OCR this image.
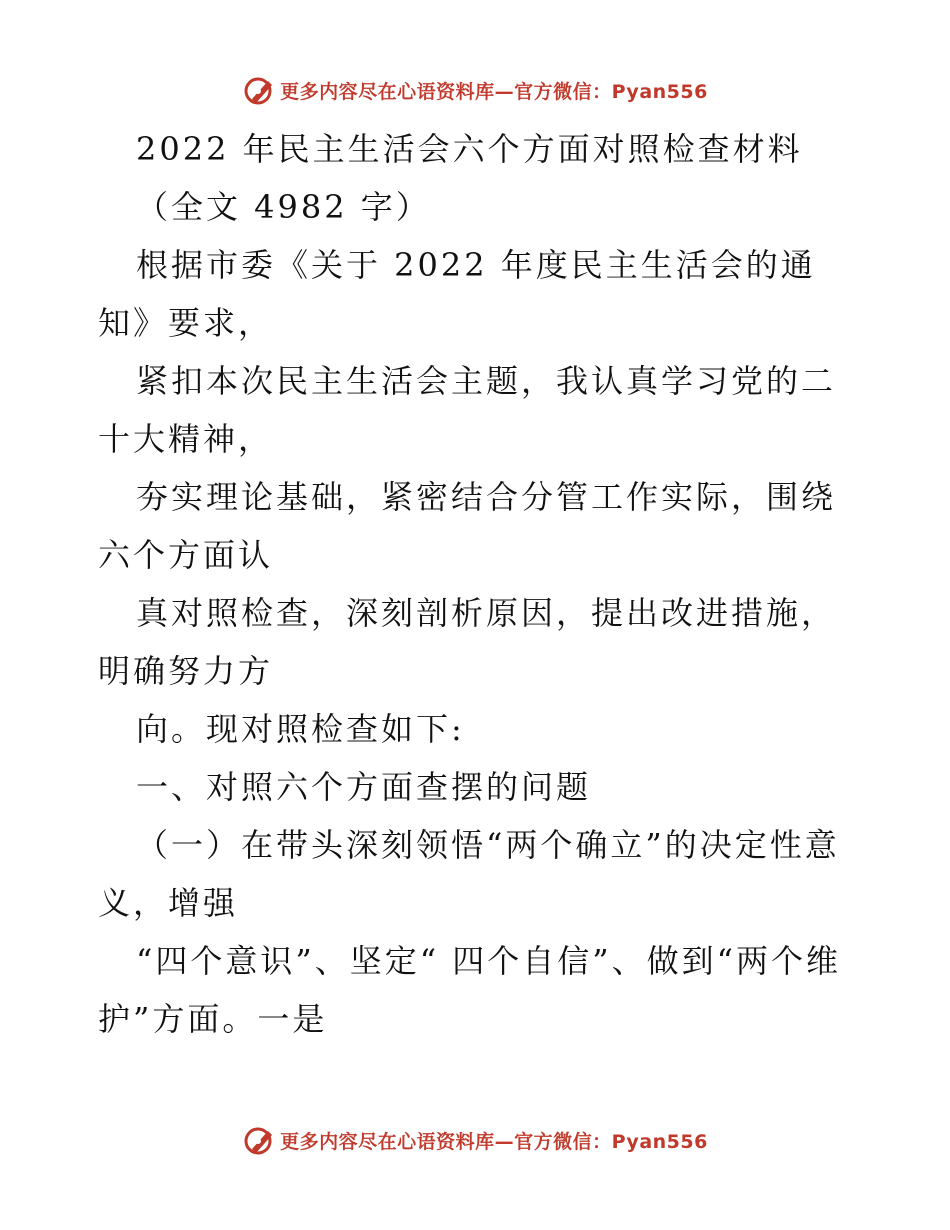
更多内容尽在心语资料库—官方微信：Pyan556

2022 年民主生活会六个方面对照检查材料

（全文 4982 字）

根据市委《关于 2022 年度民主生活会的通知》要求，

紧扣本次民主生活会主题，我认真学习党的二十大精神，

夯实理论基础，紧密结合分管工作实际，围绕六个方面认

真对照检查，深刻剖析原因，提出改进措施，明确努力方

向。现对照检查如下:

一、对照六个方面查摆的问题

（一）在带头深刻领悟“两个确立”的决定性意义，增强

“四个意识”、坚定“ 四个自信”、做到“两个维护”方面。一是

更多内容尽在心语资料库—官方微信：Pyan556
